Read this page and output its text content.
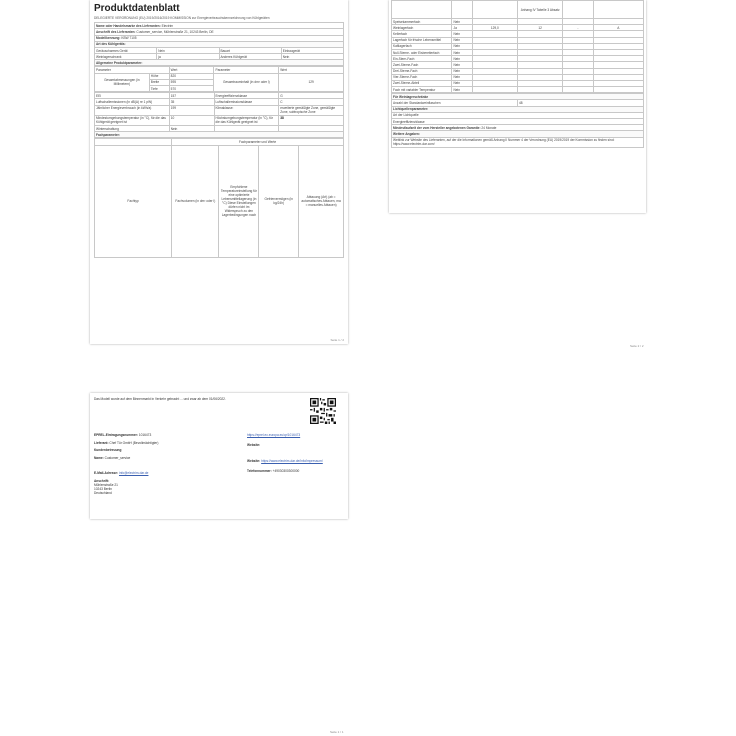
Produktdatenblatt
DELEGIERTE VERORDNUNG (EU) 2019/2016/2019 KOMMISSION zur Energieverbrauchskennzeichnung von Kühlgeräten
Name oder Handelsmarke des Lieferanten: Electrim			
Anschrift des Lieferanten: Customer_service, Mühlenstraße 21, 10243 Berlin, DE			
Modellkennung: KBW 7105			
Art des Kühlgeräts:			
Geräuscharmes Gerät	Nein	Bauart	Einbaugerät
Weinlagerschrank	ja	Anderes Kühlgerät	Nein
Allgemeine Produktparameter:			
Parameter		Wert	Parameter	Wert
Gesamtabmessungen (in Millimetern)	Höhe	820	Gesamtrauminhalt (in dm³ oder l)	129
	Breite	595		
	Tiefe	570		
EEI	157	Energieeffizienzklasse	G
Luftschallemissionen (in dB(A) re 1 pW)	35	Luftschallemissionsklasse	C
Jährlicher Energieverbrauch (in kWh/a)	199	Klimaklasse:	erweiterte gemäßigte Zone, gemäßigte Zone, subtropische Zone
Mindestumgebungstemperatur (in °C), für die das Kühlgerät geeignet ist	10	Höchstumgebungstemperatur (in °C), für die das Kühlgerät geeignet ist	38
Winterschaltung	Nein		
Fachparameter:			
	Fachparameter und Werte			
Fachtyp	Fachvolumen (in dm³ oder l)	Empfohlene Temperatureinstellung für eine optimierte Lebensmittellagerung (in °C) Diese Einstellungen dürfen nicht im Widerspruch zu den Lagerbedingungen nach	Gefriervermögen (in kg/24h)	Abtauung (Art) (ab = automatisches Abtauen, ma = manuelles Abtauen)
Seite 1 / 2
			Anhang IV Tabelle 3 Absatz		
Speisekammerfach	Nein				
Weinlagerfach	Ja	129,0	12	-	A
Kellerfach	Nein				
Lagerfach für frische Lebensmittel	Nein				
Kaltlagerfach	Nein				
Null-Sterne- oder Eisbereiterfach	Nein				
Ein-Stern-Fach	Nein				
Zwei-Sterne-Fach	Nein				
Drei-Sterne-Fach	Nein				
Vier-Sterne-Fach	Nein				
Zwei-Sterne-Abteil	Nein				
Fach mit variabler Temperatur	Nein				
Für Weinlagerschränke
Anzahl der Standardweinflaschen	48
Lichtquellenparameter:
Art der Lichtquelle
Energieeffizienzklasse
Mindestlaufzeit der vom Hersteller angebotenen Garantie: 24 Monate
Weitere Angaben:
Weblink zur Website des Lieferanten, auf der die Informationen gemäß Anhang II Nummer 4 der Verordnung (EU) 2019/2019 der Kommission zu finden sind: https://www.electrim-dar.com/
Seite 2 / 2
Das Modell wurde auf dem Binnenmarkt in Verkehr gebracht ... und zwar ab dem 01/06/2022.
EPREL-Eintragungsnummer: 1016473
Lieferant: Chef Tür GmbH (Bevollmächtigter)
Kundenbetreuung
Name: Customer_service
E-Mail-Adresse: info@electrim-dar.de
Anschrift:
Mühlenstraße 21
10243 Berlin
Deutschland
https://eprel.ec.europa.eu/qr/1016473
Website:
Website: https://www.electrim-dar.de/info/impressum/
Telefonnummer: +49030300300000
Seite 1 / 1
